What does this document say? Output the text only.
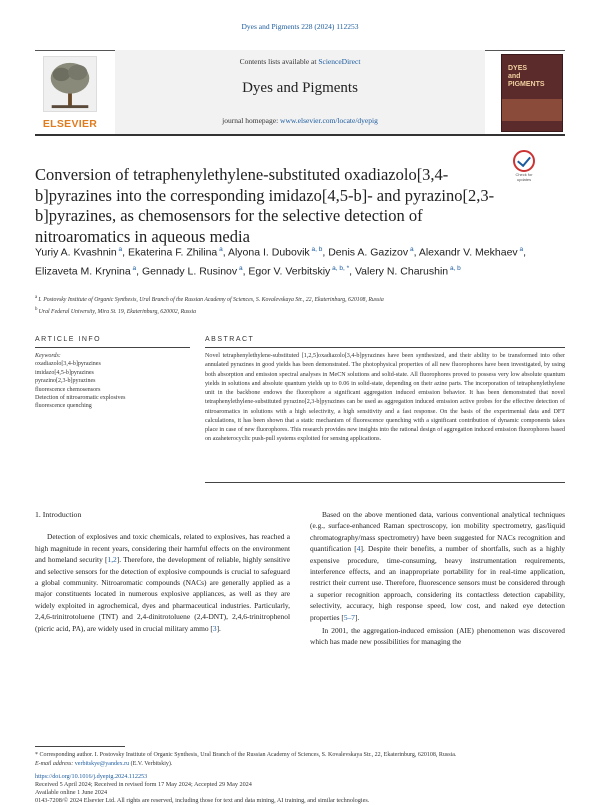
Dyes and Pigments 228 (2024) 112253
ELSEVIER
Contents lists available at ScienceDirect
Dyes and Pigments
journal homepage: www.elsevier.com/locate/dyepig
DYES
and
PIGMENTS
Conversion of tetraphenylethylene-substituted oxadiazolo[3,4-b]pyrazines into the corresponding imidazo[4,5-b]- and pyrazino[2,3-b]pyrazines, as chemosensors for the selective detection of nitroaromatics in aqueous media
Check for updates
Yuriy A. Kvashnin $^a$, Ekaterina F. Zhilina $^a$, Alyona I. Dubovik $^{a, b}$, Denis A. Gazizov $^a$, Alexandr V. Mekhaev $^a$, Elizaveta M. Krynina $^a$, Gennady L. Rusinov $^a$, Egor V. Verbitskiy $^{a, b, *}$, Valery N. Charushin $^{a, b}$
$^a$ I. Postovsky Institute of Organic Synthesis, Ural Branch of the Russian Academy of Sciences, S. Kovalevskaya Str., 22, Ekaterinburg, 620108, Russia
$^b$ Ural Federal University, Mira St. 19, Ekaterinburg, 620002, Russia
ARTICLE INFO	ABSTRACT
Keywords:
oxadiazolo[3,4-b]pyrazines
imidazo[4,5-b]pyrazines
pyrazino[2,3-b]pyrazines
fluorescence chemosensors
Detection of nitroaromatic explosives
fluorescence quenching
Novel tetraphenylethylene-substituted [1,2,5]oxadiazolo[3,4-b]pyrazines have been synthesized, and their ability to be transformed into other annulated pyrazines in good yields has been demonstrated. The photophysical properties of all new fluorophores have been investigated, by using both absorption and emission spectral analyses in MeCN solutions and solid-state. All fluorophores proved to possess very low absolute quantum yields in solutions and absolute quantum yields up to 0.06 in solid-state, depending on their azine parts. The incorporation of tetraphenylethylene unit in the backbone endows the fluorophore a significant aggregation induced emission behavior. It has been demonstrated that novel tetraphenylethylene-substituted pyrazino[2,3-b]pyrazines can be used as aggregation induced emission active probes for the effective detection of nitroaromatics in solutions with a high selectivity, a high sensitivity and a fast response. On the basis of the experimental data and DFT calculations, it has been shown that a static mechanism of fluorescence quenching with a significant contribution of dynamic components takes place in case of new fluorophores. This research provides new insights into the rational design of aggregation induced emission fluorophores based on azaheterocyclic push-pull systems exploited for sensing applications.
1. Introduction
Detection of explosives and toxic chemicals, related to explosives, has reached a high magnitude in recent years, considering their harmful effects on the environment and homeland security [1,2]. Therefore, the development of reliable, highly sensitive and selective sensors for the detection of explosive compounds is crucial to safeguard a global community. Nitroaromatic compounds (NACs) are generally applied as a major constituents located in numerous explosive appliances, as well as they are widely exploited in agrochemical, dyes and pharmaceutical industries. Particularly, 2,4,6-trinitrotoluene (TNT) and 2,4-dinitrotoluene (2,4-DNT), 2,4,6-trinitrophenol (picric acid, PA), are widely used in crucial military ammo [3].
Based on the above mentioned data, various conventional analytical techniques (e.g., surface-enhanced Raman spectroscopy, ion mobility spectrometry, gas/liquid chromatography/mass spectrometry) have been suggested for NACs recognition and quantification [4]. Despite their benefits, a number of shortfalls, such as a highly expensive procedure, time-consuming, heavy instrumentation requirements, interference effects, and an inappropriate portability for in real-time application, restrict their current use. Therefore, fluorescence sensors must be considered through a superior recognition approach, considering its contactless detection capability, selectivity, accuracy, high response speed, low cost, and naked eye detection properties [5–7].
In 2001, the aggregation-induced emission (AIE) phenomenon was discovered which has made new possibilities for managing the
* Corresponding author. I. Postovsky Institute of Organic Synthesis, Ural Branch of the Russian Academy of Sciences, S. Kovalevskaya Str., 22, Ekaterinburg, 620108, Russia.
E-mail address: verbitskye@yandex.ru (E.V. Verbitskiy).
https://doi.org/10.1016/j.dyepig.2024.112253
Received 5 April 2024; Received in revised form 17 May 2024; Accepted 29 May 2024
Available online 1 June 2024
0143-7208/© 2024 Elsevier Ltd. All rights are reserved, including those for text and data mining, AI training, and similar technologies.
